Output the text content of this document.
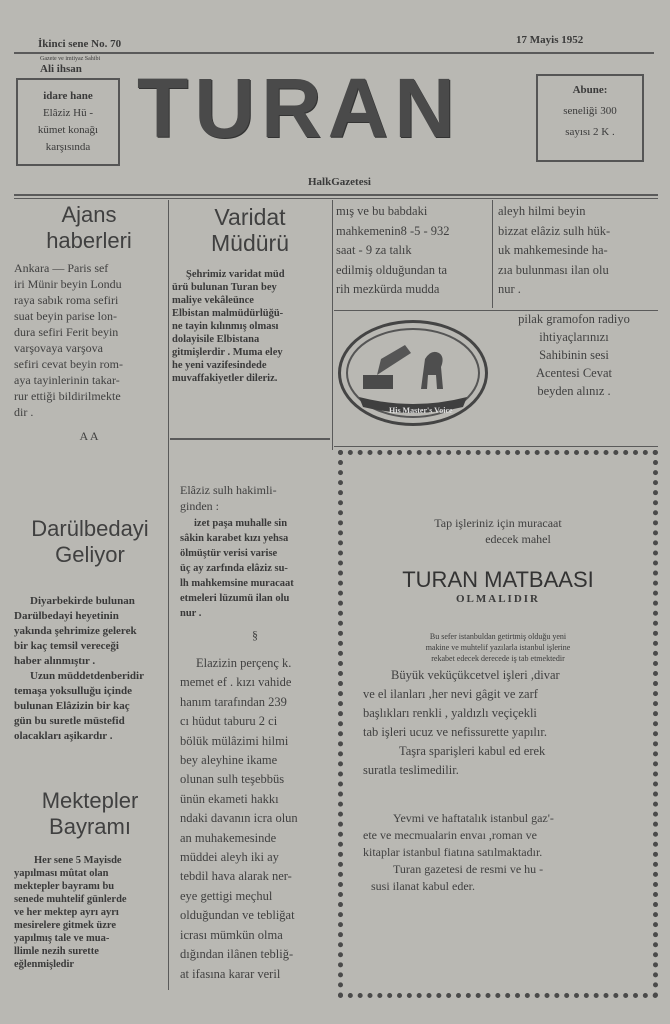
İkinci sene No. 70	17 Mayis 1952
Gazete ve imtiyaz Sahibi
Ali ihsan
idare hane
Elâziz Hü -
kümet konağı
karşısında TURAN	Abune:
seneliği 300
sayısı 2 K .
HalkGazetesi
Ajans
haberleri
Ankara — Paris sef
iri Münir beyin Londu
raya sabık roma sefiri
suat beyin parise lon-
dura sefiri Ferit beyin
varşovaya varşova
sefiri cevat beyin rom-
aya tayinlerinin takar-
rur ettiği bildirilmekte
dir .
A A
Darülbedayi
Geliyor
Diyarbekirde bulunan
Darülbedayi heyetinin
yakında şehrimize gelerek
bir kaç temsil vereceği
haber alınmıştır .
Uzun müddetdenberidir
temaşa yoksulluğu içinde
bulunan Elâzizin bir kaç
gün bu suretle müstefid
olacakları aşikardır .
Mektepler
Bayramı
Her sene 5 Mayisde
yapılması mûtat olan
mektepler bayramı bu
senede muhtelif günlerde
ve her mektep ayrı ayrı
mesirelere gitmek üzre
yapılmış tale ve mua-
llimle nezih surette
eğlenmişledir
Varidat
Müdürü
Şehrimiz varidat müd
ürü bulunan Turan bey
maliye vekâleünce
Elbistan malmüdürlüğü-
ne tayin kılınmış olması
dolayisile Elbistana
gitmişlerdir . Muma eley
he yeni vazifesindede
muvaffakiyetler dileriz.
Elâziz sulh hakimli-
ginden :
izet paşa muhalle sin
sâkin karabet kızı yehsa
ölmüştür verisi varise
üç ay zarfında elâziz su-
lh mahkemsine muracaat
etmeleri lüzumü ilan olu
nur .
§
Elazizin perçenç k.
memet ef . kızı vahide
hanım tarafından 239
cı hüdut taburu 2 ci
bölük mülâzimi hilmi
bey aleyhine ikame
olunan sulh teşebbüs
ünün ekameti hakkı
ndaki davanın icra olun
an muhakemesinde
müddei aleyh iki ay
tebdil hava alarak ner-
eye gettigi meçhul
olduğundan ve tebliğat
icrası mümkün olma
dığından ilânen tebliğ-
at ifasına karar veril
mış ve bu babdaki
mahkemenin8 -5 - 932
saat - 9 za talık
edilmiş olduğundan ta
rih mezkürda mudda
aleyh hilmi beyin
bizzat elâziz sulh hük-
uk mahkemesinde ha-
zıa bulunması ilan olu
nur .
His Master's Voice
pilak gramofon radiyo
ihtiyaçlarınızı
Sahibinin sesi
Acentesi Cevat
beyden alınız .
Tap işleriniz için muracaat
edecek mahel
TURAN MATBAASI
OLMALIDIR
Bu sefer istanbuldan getirtmiş olduğu yeni
makine ve muhtelif yazılarla istanbul işlerine
rekabet edecek derecede iş tab etmektedir
Büyük veküçükcetvel işleri ,divar
ve el ilanları ,her nevi gâgit ve zarf
başlıkları renkli , yaldızlı veçiçekli
tab işleri ucuz ve nefissurette yapılır.
Taşra sparişleri kabul ed erek
suratla teslimedilir.
Yevmi ve haftatalık istanbul gaz'-
ete ve mecmualarin envaı ,roman ve
kitaplar istanbul fiatına satılmaktadır.
Turan gazetesi de resmi ve hu -
susi ilanat kabul eder.
